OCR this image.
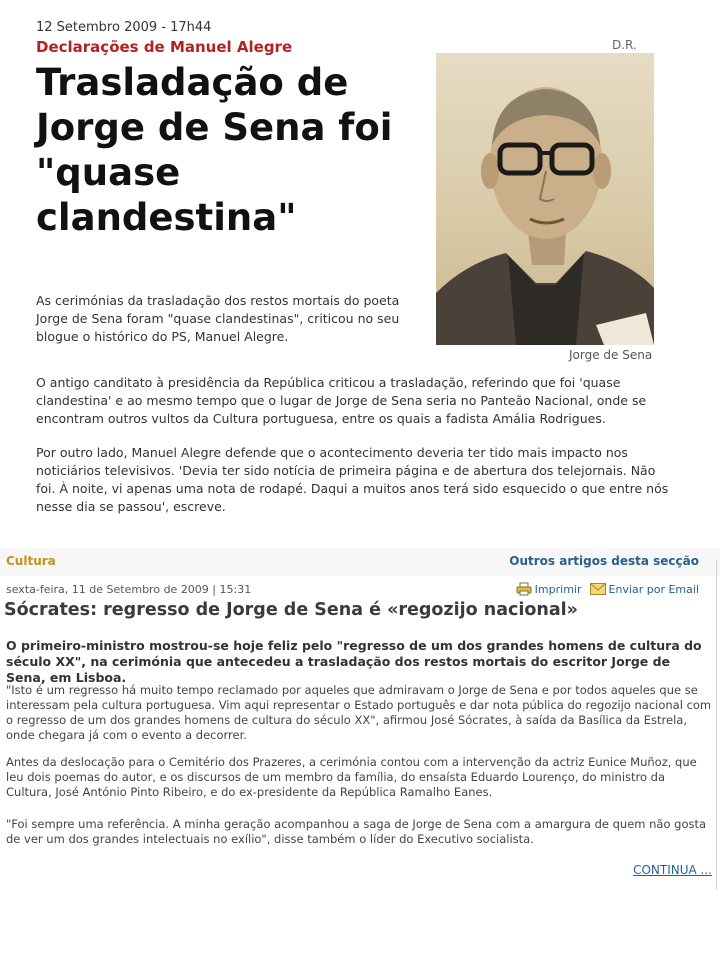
12 Setembro 2009 - 17h44
Declarações de Manuel Alegre	D.R.
Trasladação de Jorge de Sena foi "quase clandestina"
Jorge de Sena
As cerimónias da trasladação dos restos mortais do poeta Jorge de Sena foram "quase clandestinas", criticou no seu blogue o histórico do PS, Manuel Alegre.
O antigo canditato à presidência da República criticou a trasladação, referindo que foi 'quase clandestina' e ao mesmo tempo que o lugar de Jorge de Sena seria no Panteão Nacional, onde se encontram outros vultos da Cultura portuguesa, entre os quais a fadista Amália Rodrigues.
Por outro lado, Manuel Alegre defende que o acontecimento deveria ter tido mais impacto nos noticiários televisivos. 'Devia ter sido notícia de primeira página e de abertura dos telejornais. Não foi. À noite, vi apenas uma nota de rodapé. Daqui a muitos anos terá sido esquecido o que entre nós nesse dia se passou', escreve.
Cultura	Outros artigos desta secção
sexta-feira, 11 de Setembro de 2009 | 15:31	Imprimir Enviar por Email
Sócrates: regresso de Jorge de Sena é «regozijo nacional»
O primeiro-ministro mostrou-se hoje feliz pelo "regresso de um dos grandes homens de cultura do século XX", na cerimónia que antecedeu a trasladação dos restos mortais do escritor Jorge de Sena, em Lisboa.
"Isto é um regresso há muito tempo reclamado por aqueles que admiravam o Jorge de Sena e por todos aqueles que se interessam pela cultura portuguesa. Vim aqui representar o Estado português e dar nota pública do regozijo nacional com o regresso de um dos grandes homens de cultura do século XX", afirmou José Sócrates, à saída da Basílica da Estrela, onde chegara já com o evento a decorrer.
Antes da deslocação para o Cemitério dos Prazeres, a cerimónia contou com a intervenção da actriz Eunice Muñoz, que leu dois poemas do autor, e os discursos de um membro da família, do ensaísta Eduardo Lourenço, do ministro da Cultura, José António Pinto Ribeiro, e do ex-presidente da República Ramalho Eanes.
"Foi sempre uma referência. A minha geração acompanhou a saga de Jorge de Sena com a amargura de quem não gosta de ver um dos grandes intelectuais no exílio", disse também o líder do Executivo socialista.
CONTINUA ...
